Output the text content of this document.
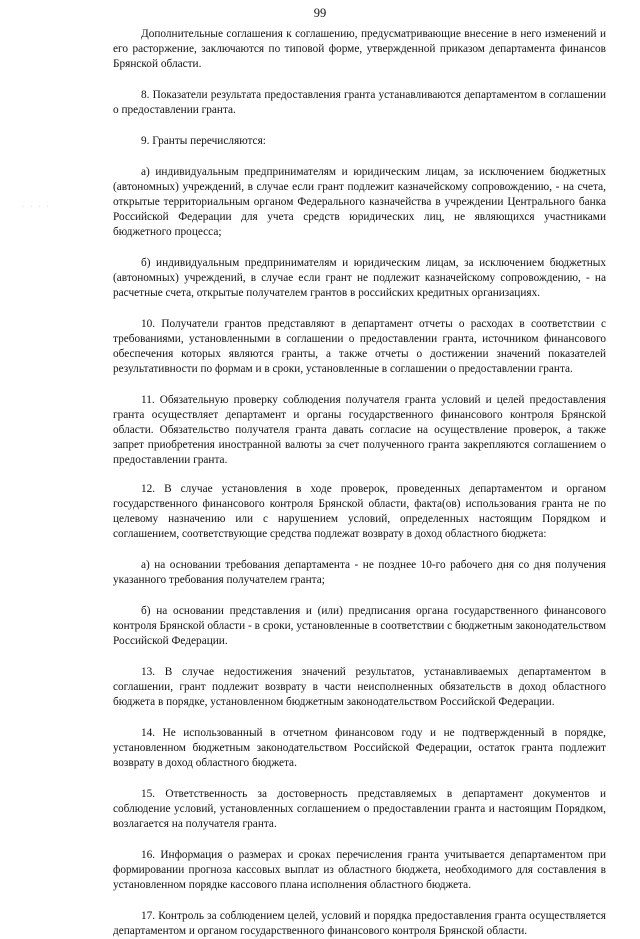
99
· · · ·

Дополнительные соглашения к соглашению, предусматривающие внесение в него изменений и его расторжение, заключаются по типовой форме, утвержденной приказом департамента финансов Брянской области.

8. Показатели результата предоставления гранта устанавливаются департаментом в соглашении о предоставлении гранта.

9. Гранты перечисляются:

а) индивидуальным предпринимателям и юридическим лицам, за исключением бюджетных (автономных) учреждений, в случае если грант подлежит казначейскому сопровождению, - на счета, открытые территориальным органом Федерального казначейства в учреждении Центрального банка Российской Федерации для учета средств юридических лиц, не являющихся участниками бюджетного процесса;

б) индивидуальным предпринимателям и юридическим лицам, за исключением бюджетных (автономных) учреждений, в случае если грант не подлежит казначейскому сопровождению, - на расчетные счета, открытые получателем грантов в российских кредитных организациях.

10. Получатели грантов представляют в департамент отчеты о расходах в соответствии с требованиями, установленными в соглашении о предоставлении гранта, источником финансового обеспечения которых являются гранты, а также отчеты о достижении значений показателей результативности по формам и в сроки, установленные в соглашении о предоставлении гранта.

11. Обязательную проверку соблюдения получателя гранта условий и целей предоставления гранта осуществляет департамент и органы государственного финансового контроля Брянской области. Обязательство получателя гранта давать согласие на осуществление проверок, а также запрет приобретения иностранной валюты за счет полученного гранта закрепляются соглашением о предоставлении гранта.

12. В случае установления в ходе проверок, проведенных департаментом и органом государственного финансового контроля Брянской области, факта(ов) использования гранта не по целевому назначению или с нарушением условий, определенных настоящим Порядком и соглашением, соответствующие средства подлежат возврату в доход областного бюджета:

а) на основании требования департамента - не позднее 10-го рабочего дня со дня получения указанного требования получателем гранта;

б) на основании представления и (или) предписания органа государственного финансового контроля Брянской области - в сроки, установленные в соответствии с бюджетным законодательством Российской Федерации.

13. В случае недостижения значений результатов, устанавливаемых департаментом в соглашении, грант подлежит возврату в части неисполненных обязательств в доход областного бюджета в порядке, установленном бюджетным законодательством Российской Федерации.

14. Не использованный в отчетном финансовом году и не подтвержденный в порядке, установленном бюджетным законодательством Российской Федерации, остаток гранта подлежит возврату в доход областного бюджета.

15. Ответственность за достоверность представляемых в департамент документов и соблюдение условий, установленных соглашением о предоставлении гранта и настоящим Порядком, возлагается на получателя гранта.

16. Информация о размерах и сроках перечисления гранта учитывается департаментом при формировании прогноза кассовых выплат из областного бюджета, необходимого для составления в установленном порядке кассового плана исполнения областного бюджета.

17. Контроль за соблюдением целей, условий и порядка предоставления гранта осуществляется департаментом и органом государственного финансового контроля Брянской области.
